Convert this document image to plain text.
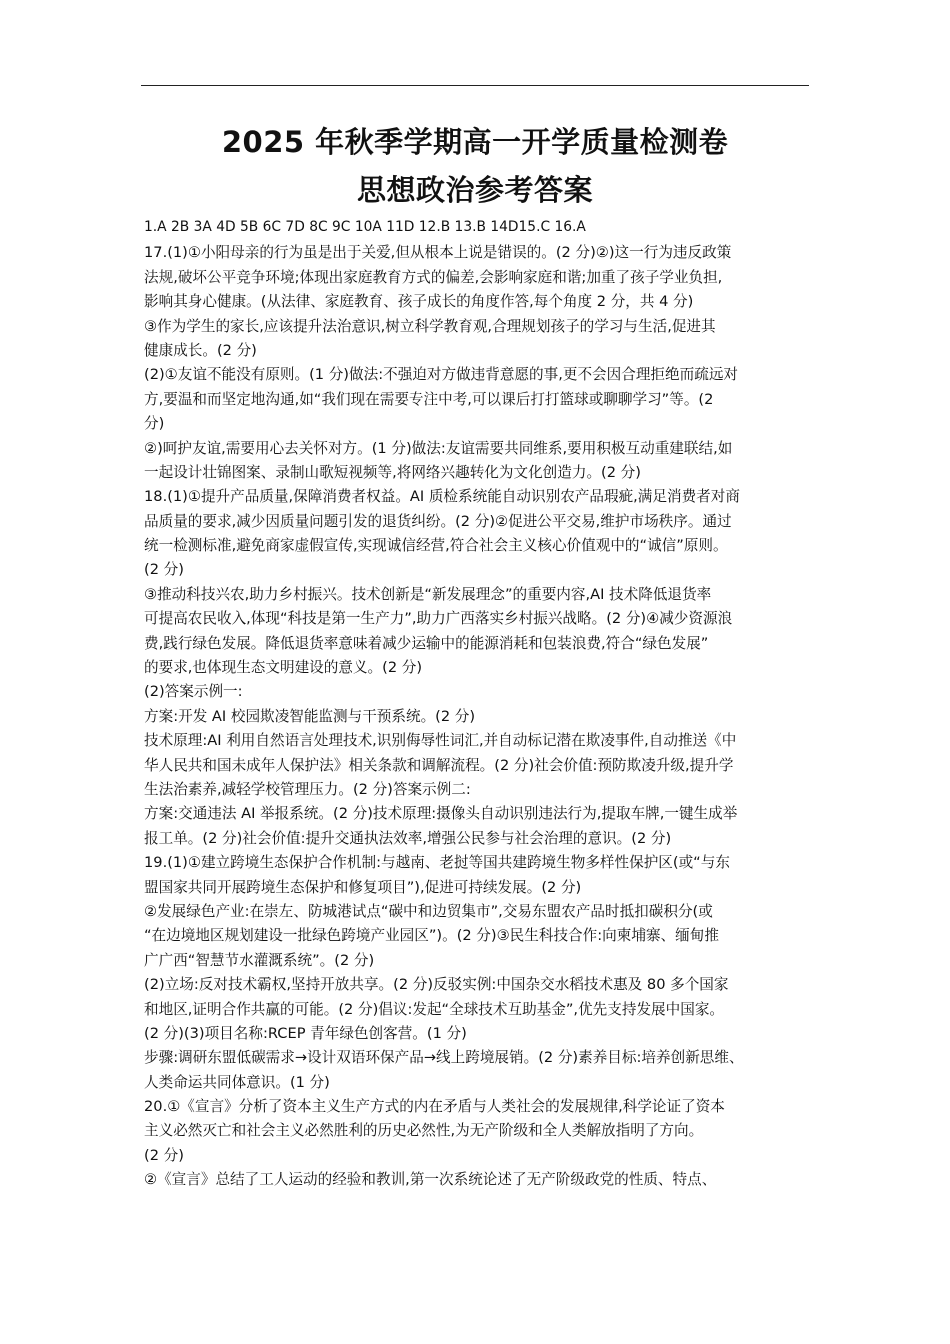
2025 年秋季学期高一开学质量检测卷
思想政治参考答案
1.A 2B 3A 4D 5B 6C 7D 8C 9C 10A 11D 12.B 13.B 14D15.C 16.A
17.(1)①小阳母亲的行为虽是出于关爱,但从根本上说是错误的。(2 分)②)这一行为违反政策
法规,破坏公平竞争环境;体现出家庭教育方式的偏差,会影响家庭和谐;加重了孩子学业负担,
影响其身心健康。(从法律、家庭教育、孩子成长的角度作答,每个角度 2 分，共 4 分)
③作为学生的家长,应该提升法治意识,树立科学教育观,合理规划孩子的学习与生活,促进其
健康成长。(2 分)
(2)①友谊不能没有原则。(1 分)做法:不强迫对方做违背意愿的事,更不会因合理拒绝而疏远对
方,要温和而坚定地沟通,如“我们现在需要专注中考,可以课后打打篮球或聊聊学习”等。(2
分)
②)呵护友谊,需要用心去关怀对方。(1 分)做法:友谊需要共同维系,要用积极互动重建联结,如
一起设计壮锦图案、录制山歌短视频等,将网络兴趣转化为文化创造力。(2 分)
18.(1)①提升产品质量,保障消费者权益。AI 质检系统能自动识别农产品瑕疵,满足消费者对商
品质量的要求,减少因质量问题引发的退货纠纷。(2 分)②促进公平交易,维护市场秩序。通过
统一检测标准,避免商家虚假宣传,实现诚信经营,符合社会主义核心价值观中的“诚信”原则。
(2 分)
③推动科技兴农,助力乡村振兴。技术创新是“新发展理念”的重要内容,AI 技术降低退货率
可提高农民收入,体现“科技是第一生产力”,助力广西落实乡村振兴战略。(2 分)④减少资源浪
费,践行绿色发展。降低退货率意味着减少运输中的能源消耗和包装浪费,符合“绿色发展”
的要求,也体现生态文明建设的意义。(2 分)
(2)答案示例一:
方案:开发 AI 校园欺凌智能监测与干预系统。(2 分)
技术原理:AI 利用自然语言处理技术,识别侮辱性词汇,并自动标记潜在欺凌事件,自动推送《中
华人民共和国未成年人保护法》相关条款和调解流程。(2 分)社会价值:预防欺凌升级,提升学
生法治素养,减轻学校管理压力。(2 分)答案示例二:
方案:交通违法 AI 举报系统。(2 分)技术原理:摄像头自动识别违法行为,提取车牌,一键生成举
报工单。(2 分)社会价值:提升交通执法效率,增强公民参与社会治理的意识。(2 分)
19.(1)①建立跨境生态保护合作机制:与越南、老挝等国共建跨境生物多样性保护区(或“与东
盟国家共同开展跨境生态保护和修复项目”),促进可持续发展。(2 分)
②发展绿色产业:在崇左、防城港试点“碳中和边贸集市”,交易东盟农产品时抵扣碳积分(或
“在边境地区规划建设一批绿色跨境产业园区”)。(2 分)③民生科技合作:向柬埔寨、缅甸推
广广西“智慧节水灌溉系统”。(2 分)
(2)立场:反对技术霸权,坚持开放共享。(2 分)反驳实例:中国杂交水稻技术惠及 80 多个国家
和地区,证明合作共赢的可能。(2 分)倡议:发起“全球技术互助基金”,优先支持发展中国家。
(2 分)(3)项目名称:RCEP 青年绿色创客营。(1 分)
步骤:调研东盟低碳需求→设计双语环保产品→线上跨境展销。(2 分)素养目标:培养创新思维、
人类命运共同体意识。(1 分)
20.①《宣言》分析了资本主义生产方式的内在矛盾与人类社会的发展规律,科学论证了资本
主义必然灭亡和社会主义必然胜利的历史必然性,为无产阶级和全人类解放指明了方向。
(2 分)
②《宣言》总结了工人运动的经验和教训,第一次系统论述了无产阶级政党的性质、特点、
